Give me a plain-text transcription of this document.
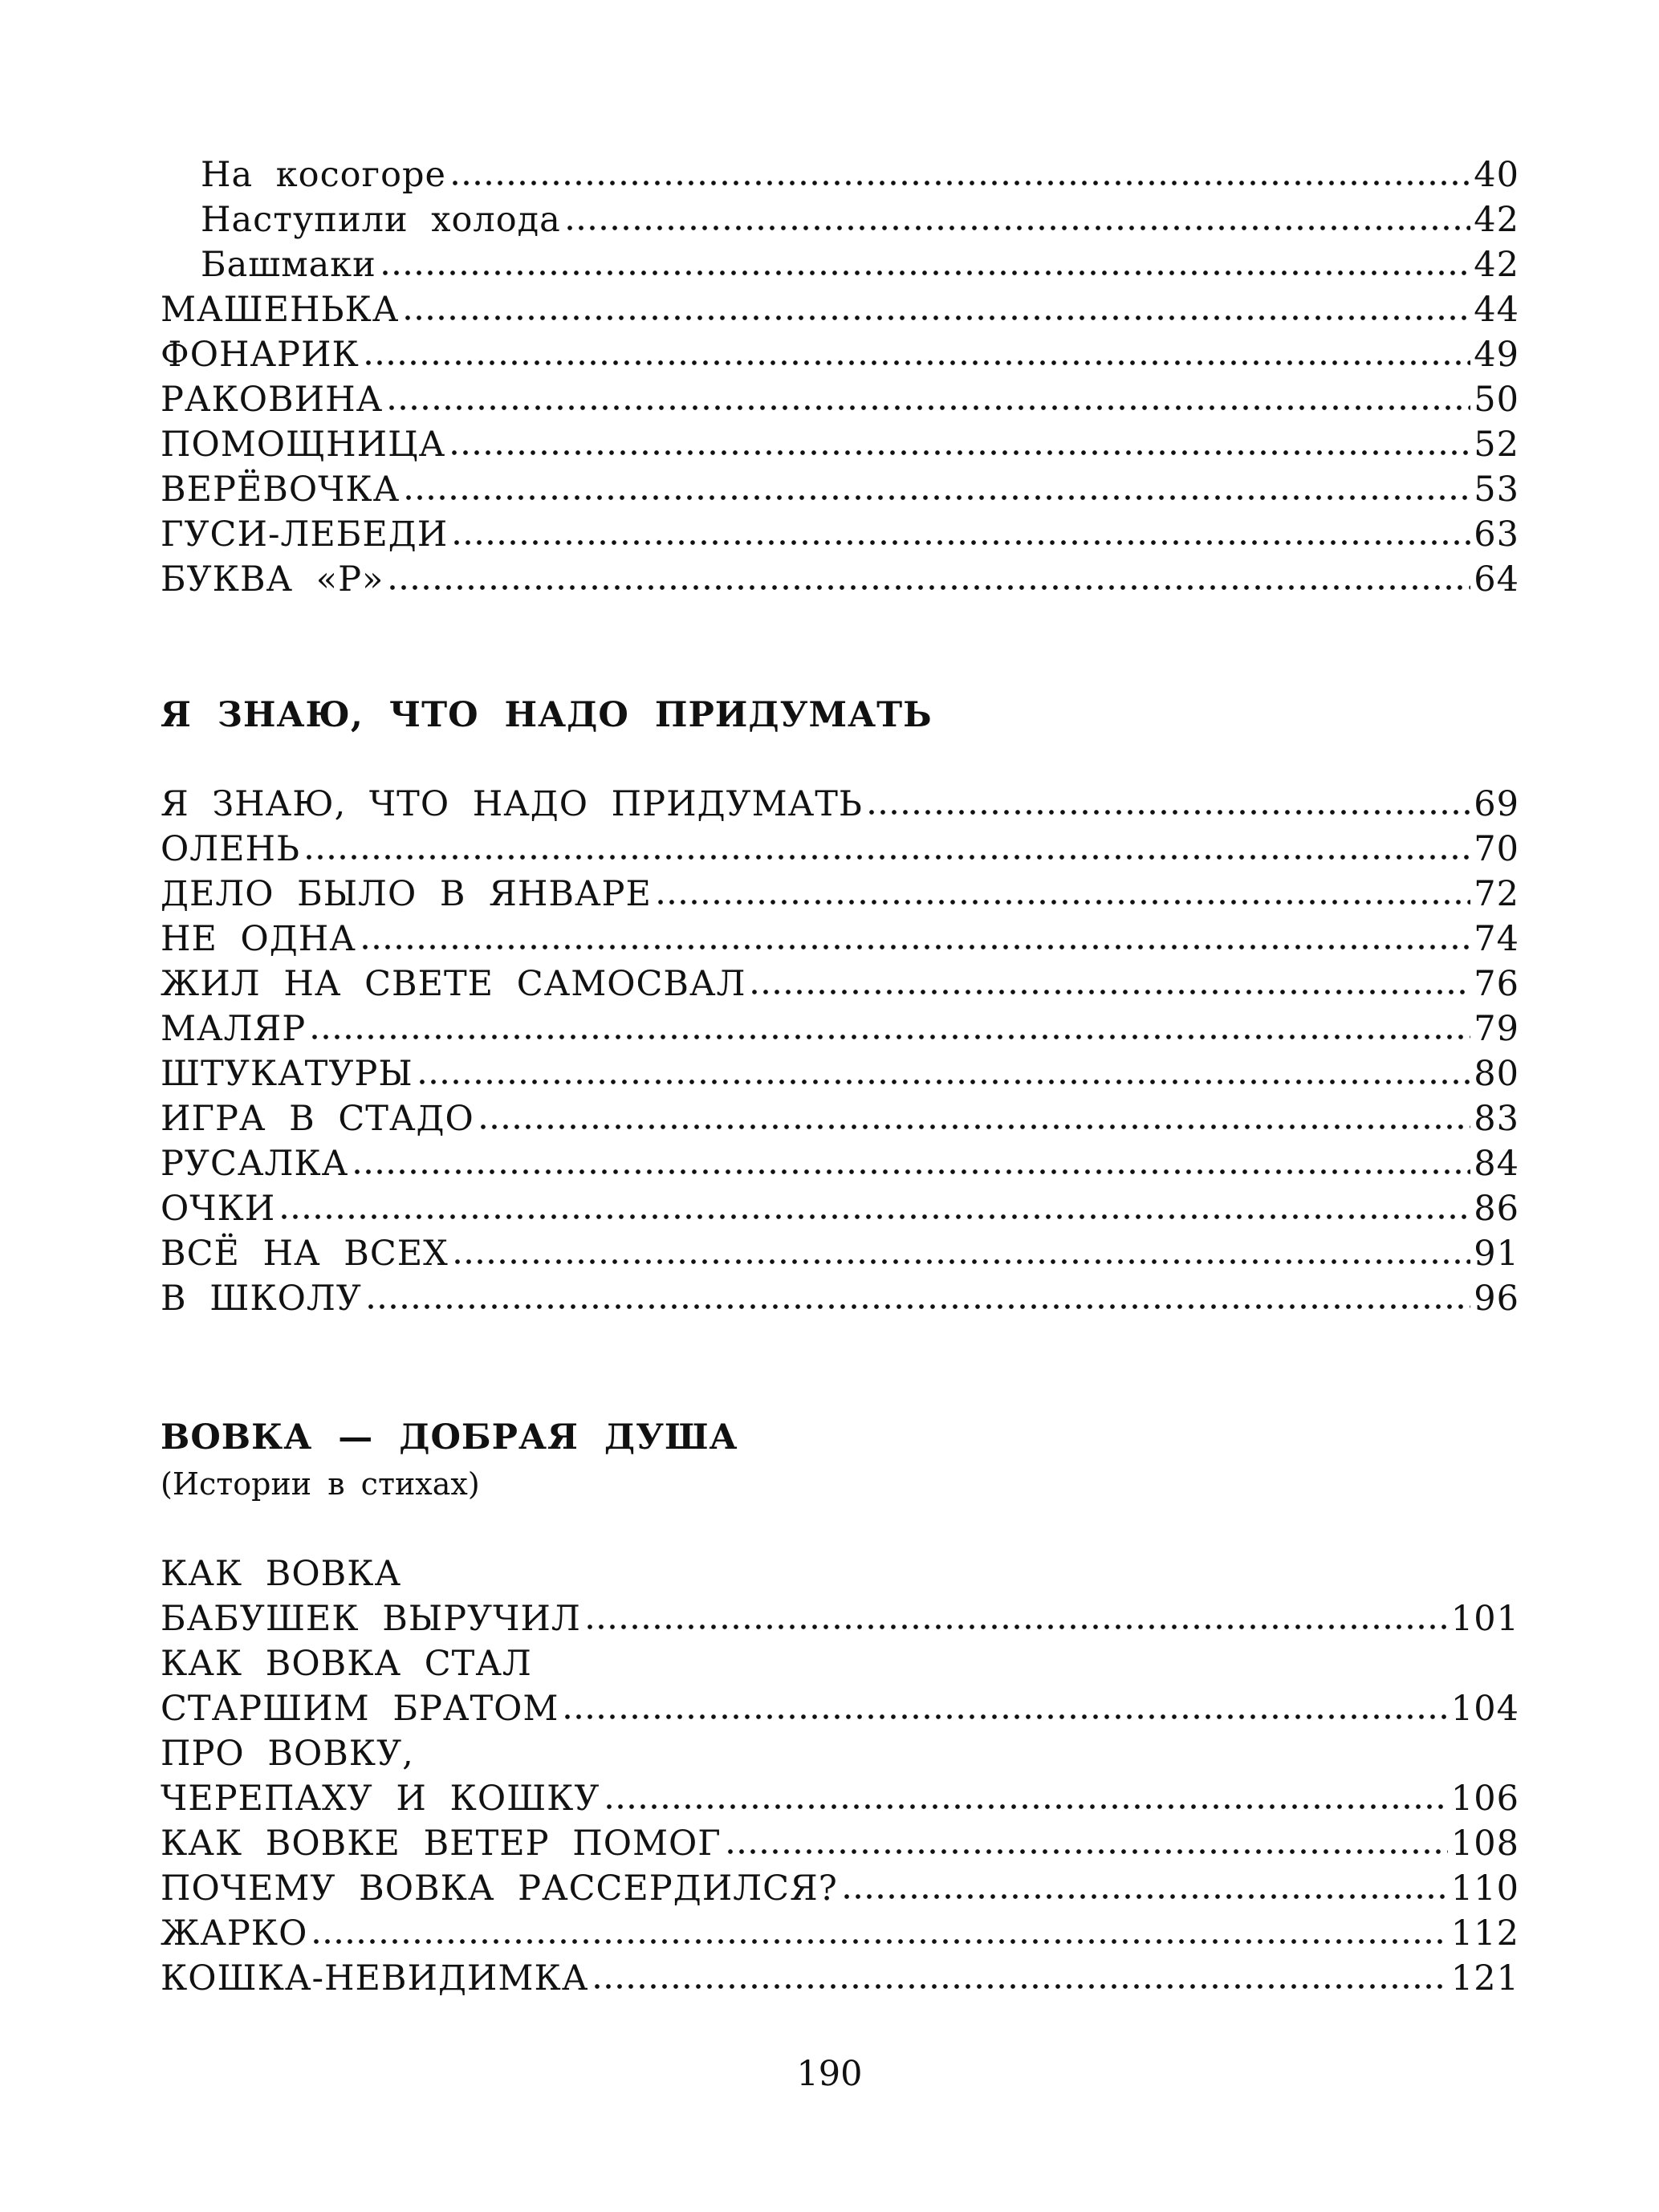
На косогоре	40
Наступили холода	42
Башмаки	42
МАШЕНЬКА	44
ФОНАРИК	49
РАКОВИНА	50
ПОМОЩНИЦА	52
ВЕРЁВОЧКА	53
ГУСИ-ЛЕБЕДИ	63
БУКВА «Р»	64
Я ЗНАЮ, ЧТО НАДО ПРИДУМАТЬ
Я ЗНАЮ, ЧТО НАДО ПРИДУМАТЬ	69
ОЛЕНЬ	70
ДЕЛО БЫЛО В ЯНВАРЕ	72
НЕ ОДНА	74
ЖИЛ НА СВЕТЕ САМОСВАЛ	76
МАЛЯР	79
ШТУКАТУРЫ	80
ИГРА В СТАДО	83
РУСАЛКА	84
ОЧКИ	86
ВСЁ НА ВСЕХ	91
В ШКОЛУ	96
ВОВКА — ДОБРАЯ ДУША
(Истории в стихах)
КАК ВОВКА
БАБУШЕК ВЫРУЧИЛ	101
КАК ВОВКА СТАЛ
СТАРШИМ БРАТОМ	104
ПРО ВОВКУ,
ЧЕРЕПАХУ И КОШКУ	106
КАК ВОВКЕ ВЕТЕР ПОМОГ	108
ПОЧЕМУ ВОВКА РАССЕРДИЛСЯ?	110
ЖАРКО	112
КОШКА-НЕВИДИМКА	121
190
